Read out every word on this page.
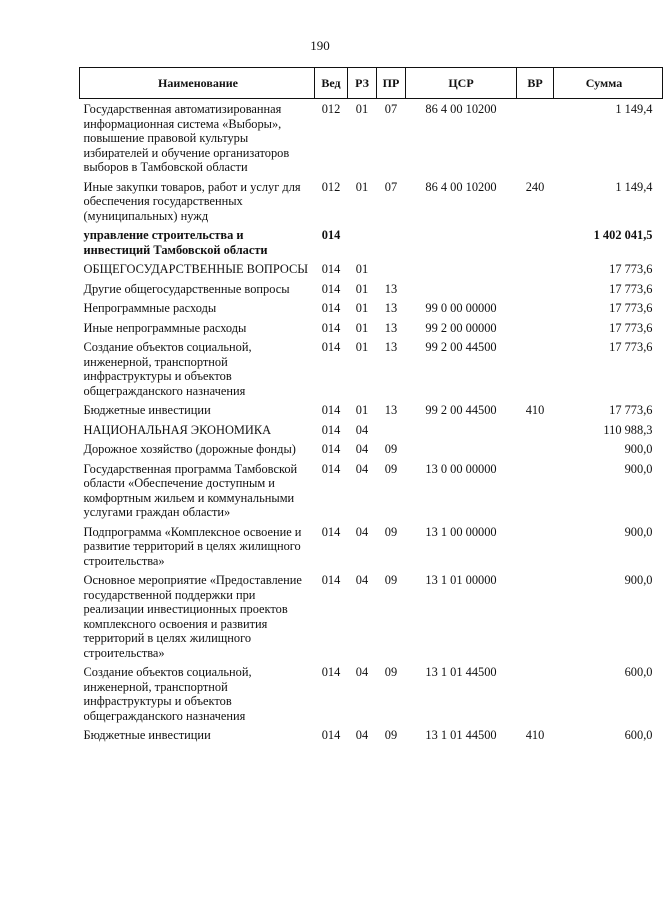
190
Наименование	Вед	РЗ	ПР	ЦСР	ВР	Сумма
Государственная автоматизированная информационная система «Выборы», повышение правовой культуры избирателей и обучение организаторов выборов в Тамбовской области	012	01	07	86 4 00 10200		1 149,4
Иные закупки товаров, работ и услуг для обеспечения государственных (муниципальных) нужд	012	01	07	86 4 00 10200	240	1 149,4
управление строительства и инвестиций Тамбовской области	014					1 402 041,5
ОБЩЕГОСУДАРСТВЕННЫЕ ВОПРОСЫ	014	01				17 773,6
Другие общегосударственные вопросы	014	01	13			17 773,6
Непрограммные расходы	014	01	13	99 0 00 00000		17 773,6
Иные непрограммные расходы	014	01	13	99 2 00 00000		17 773,6
Создание объектов социальной, инженерной, транспортной инфраструктуры и объектов общегражданского назначения	014	01	13	99 2 00 44500		17 773,6
Бюджетные инвестиции	014	01	13	99 2 00 44500	410	17 773,6
НАЦИОНАЛЬНАЯ ЭКОНОМИКА	014	04				110 988,3
Дорожное хозяйство (дорожные фонды)	014	04	09			900,0
Государственная программа Тамбовской области «Обеспечение доступным и комфортным жильем и коммунальными услугами граждан области»	014	04	09	13 0 00 00000		900,0
Подпрограмма «Комплексное освоение и развитие территорий в целях жилищного строительства»	014	04	09	13 1 00 00000		900,0
Основное мероприятие «Предоставление государственной поддержки при реализации инвестиционных проектов комплексного освоения и развития территорий в целях жилищного строительства»	014	04	09	13 1 01 00000		900,0
Создание объектов социальной, инженерной, транспортной инфраструктуры и объектов общегражданского назначения	014	04	09	13 1 01 44500		600,0
Бюджетные инвестиции	014	04	09	13 1 01 44500	410	600,0
